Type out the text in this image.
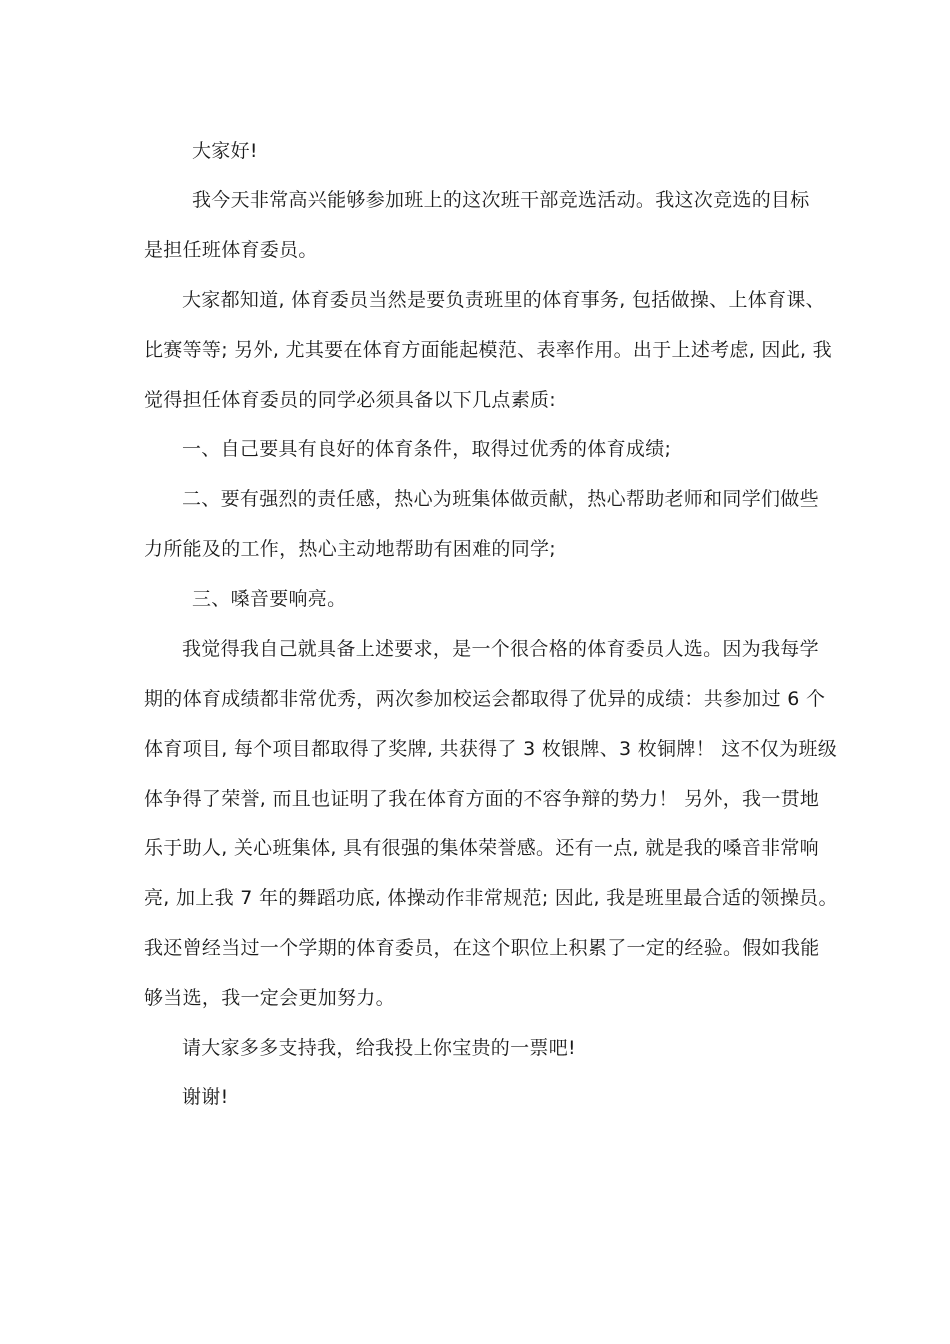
大家好!
我今天非常高兴能够参加班上的这次班干部竞选活动。我这次竞选的目标
是担任班体育委员。
大家都知道, 体育委员当然是要负责班里的体育事务, 包括做操、上体育课、
比赛等等; 另外, 尤其要在体育方面能起模范、表率作用。出于上述考虑, 因此, 我
觉得担任体育委员的同学必须具备以下几点素质:
一、自己要具有良好的体育条件，取得过优秀的体育成绩;
二、要有强烈的责任感，热心为班集体做贡献，热心帮助老师和同学们做些
力所能及的工作，热心主动地帮助有困难的同学;
三、嗓音要响亮。
我觉得我自己就具备上述要求，是一个很合格的体育委员人选。因为我每学
期的体育成绩都非常优秀，两次参加校运会都取得了优异的成绩：共参加过 6 个
体育项目, 每个项目都取得了奖牌, 共获得了 3 枚银牌、3 枚铜牌！ 这不仅为班级
体争得了荣誉, 而且也证明了我在体育方面的不容争辩的势力！ 另外，我一贯地
乐于助人, 关心班集体, 具有很强的集体荣誉感。还有一点, 就是我的嗓音非常响
亮, 加上我 7 年的舞蹈功底, 体操动作非常规范; 因此, 我是班里最合适的领操员。
我还曾经当过一个学期的体育委员，在这个职位上积累了一定的经验。假如我能
够当选，我一定会更加努力。
请大家多多支持我，给我投上你宝贵的一票吧!
谢谢!
